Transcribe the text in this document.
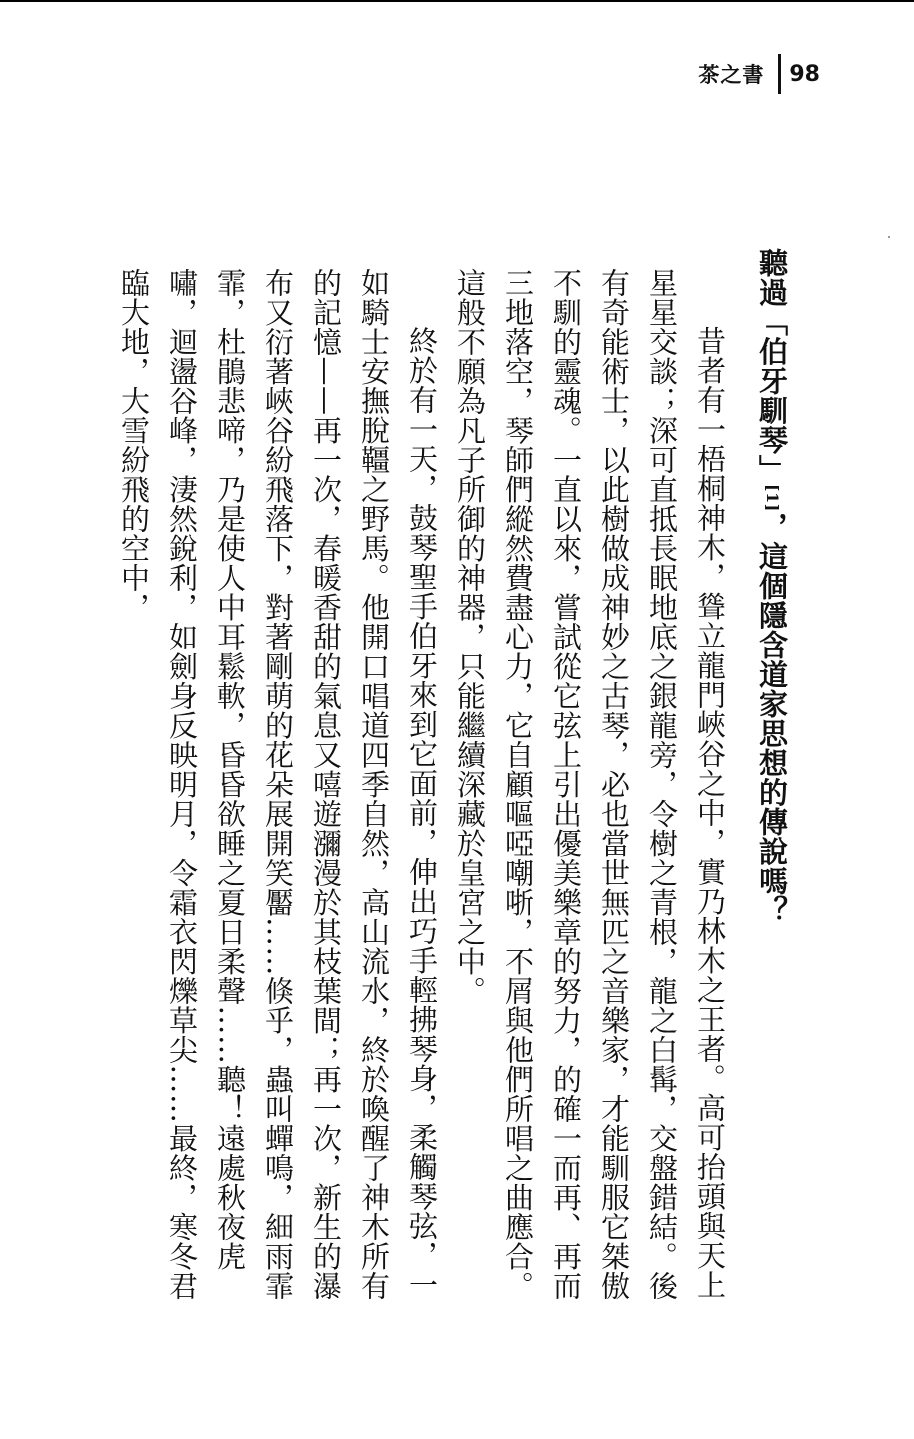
茶之書 98

聽過「伯牙馴琴」[1]，這個隱含道家思想的傳說嗎？

昔者有一梧桐神木，聳立龍門峽谷之中，實乃林木之王者。高可抬頭與天上星星交談；深可直抵長眠地底之銀龍旁，令樹之青根，龍之白髯，交盤錯結。後有奇能術士，以此樹做成神妙之古琴，必也當世無匹之音樂家，才能馴服它桀傲不馴的靈魂。一直以來，嘗試從它弦上引出優美樂章的努力，的確一而再、再而三地落空，琴師們縱然費盡心力，它自顧嘔啞嘲哳，不屑與他們所唱之曲應合。這般不願為凡子所御的神器，只能繼續深藏於皇宮之中。

終於有一天，鼓琴聖手伯牙來到它面前，伸出巧手輕拂琴身，柔觸琴弦，一如騎士安撫脫韁之野馬。他開口唱道四季自然，高山流水，終於喚醒了神木所有的記憶——再一次，春暖香甜的氣息又嘻遊瀰漫於其枝葉間；再一次，新生的瀑布又衍著峽谷紛飛落下，對著剛萌的花朵展開笑靨……倏乎，蟲叫蟬鳴，細雨霏霏，杜鵑悲啼，乃是使人中耳鬆軟，昏昏欲睡之夏日柔聲……聽！遠處秋夜虎嘯，迴盪谷峰，淒然銳利，如劍身反映明月，令霜衣閃爍草尖……最終，寒冬君臨大地，大雪紛飛的空中，
